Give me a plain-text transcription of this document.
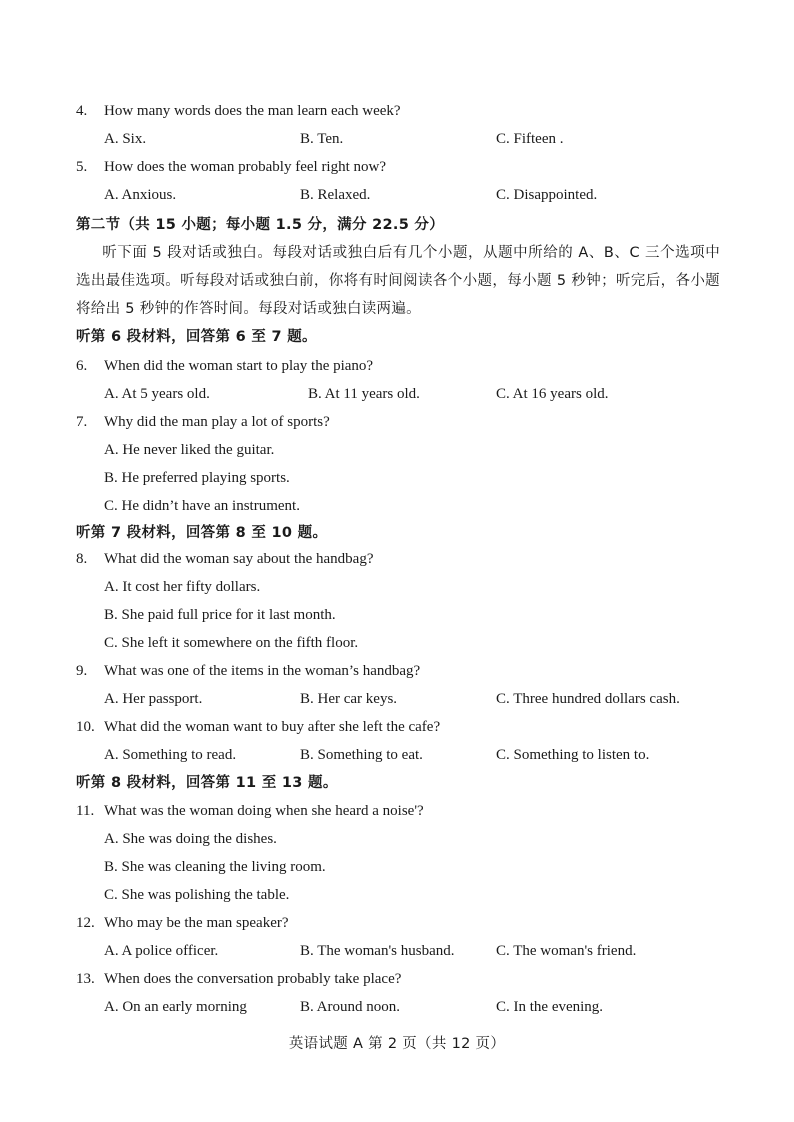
4. How many words does the man learn each week?
A. Six.	B. Ten.	C. Fifteen .
5. How does the woman probably feel right now?
A. Anxious.	B. Relaxed.	C. Disappointed.
第二节（共 15 小题；每小题 1.5 分，满分 22.5 分）
听下面 5 段对话或独白。每段对话或独白后有几个小题，从题中所给的 A、B、C 三个选项中选出最佳选项。听每段对话或独白前，你将有时间阅读各个小题，每小题 5 秒钟；听完后，各小题将给出 5 秒钟的作答时间。每段对话或独白读两遍。
听第 6 段材料，回答第 6 至 7 题。
6. When did the woman start to play the piano?
A. At 5 years old.	B. At 11 years old.	C. At 16 years old.
7. Why did the man play a lot of sports?
A. He never liked the guitar.
B. He preferred playing sports.
C. He didn’t have an instrument.
听第 7 段材料，回答第 8 至 10 题。
8. What did the woman say about the handbag?
A. It cost her fifty dollars.
B. She paid full price for it last month.
C. She left it somewhere on the fifth floor.
9. What was one of the items in the woman’s handbag?
A. Her passport.	B. Her car keys.	C. Three hundred dollars cash.
10. What did the woman want to buy after she left the cafe?
A. Something to read.	B. Something to eat.	C. Something to listen to.
听第 8 段材料，回答第 11 至 13 题。
11. What was the woman doing when she heard a noise'?
A. She was doing the dishes.
B. She was cleaning the living room.
C. She was polishing the table.
12. Who may be the man speaker?
A. A police officer.	B. The woman's husband.	C. The woman's friend.
13. When does the conversation probably take place?
A. On an early morning	B. Around noon.	C. In the evening.
英语试题 A 第 2 页（共 12 页）
